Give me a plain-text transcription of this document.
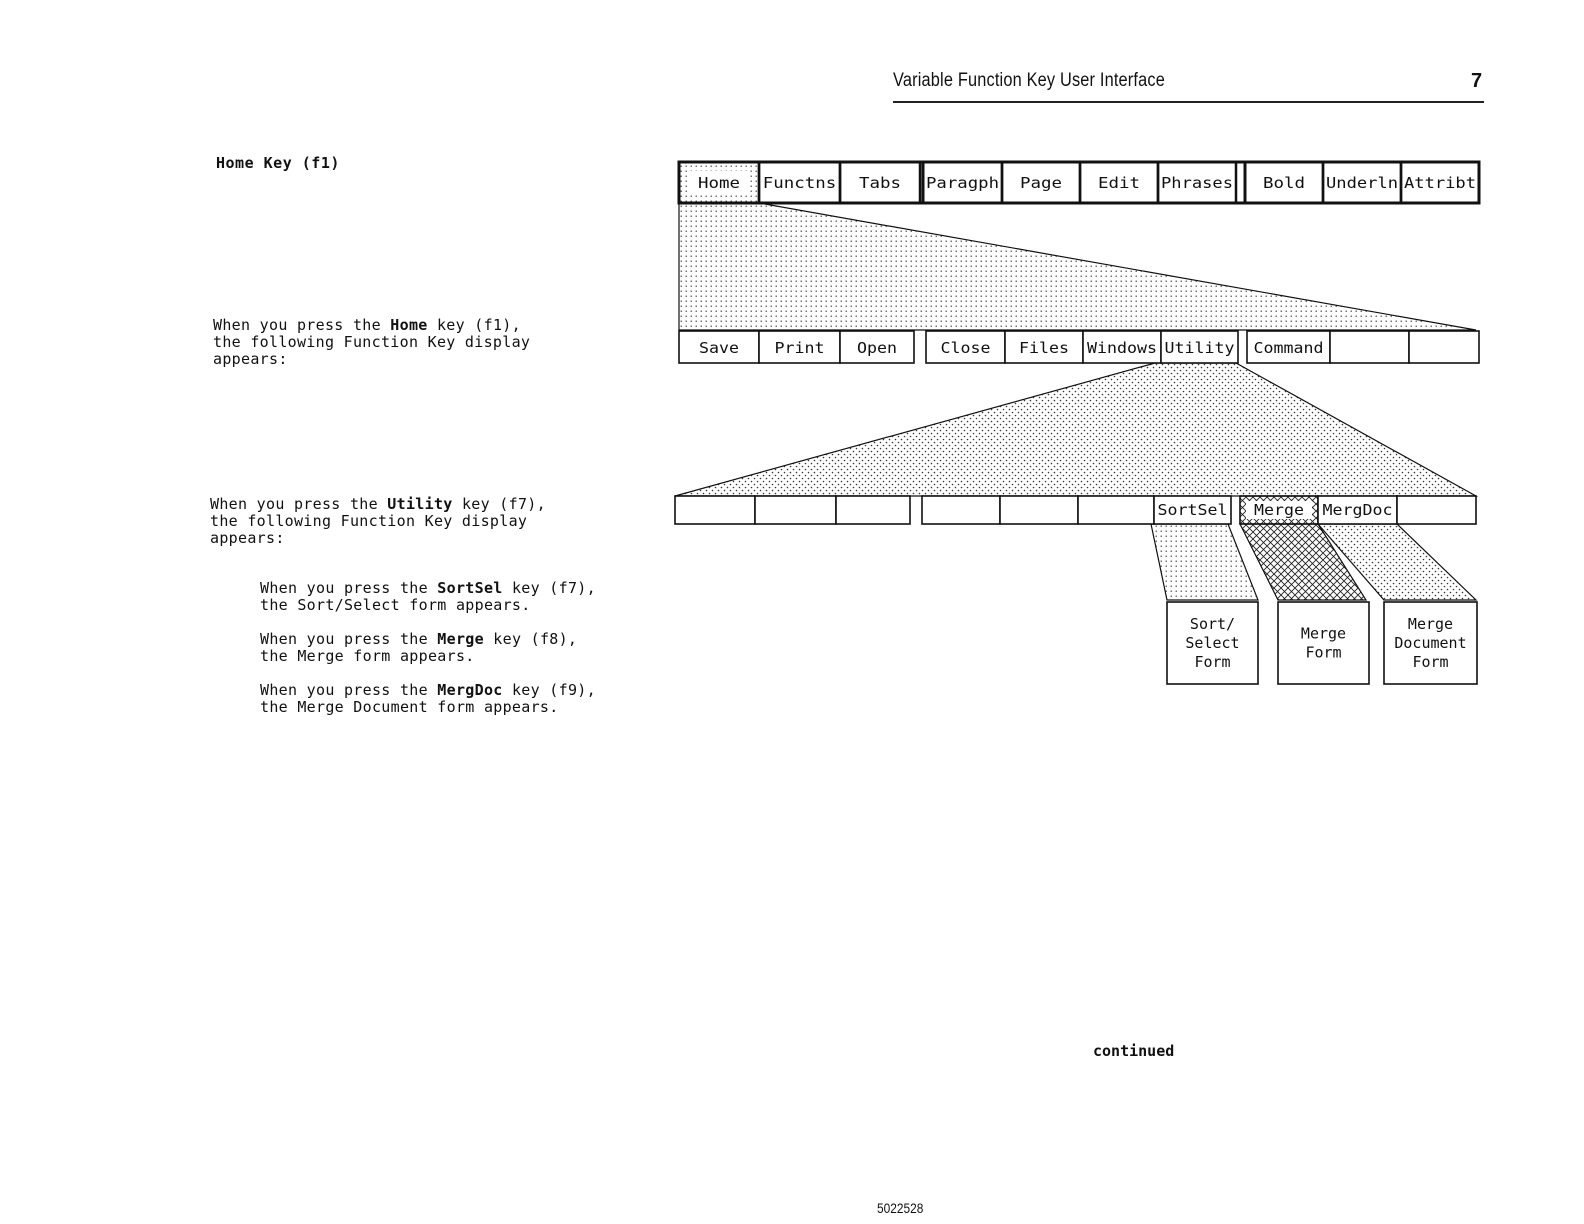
Variable Function Key User Interface	7
Home Key (f1)
When you press the Home key (f1),
the following Function Key display
appears:
When you press the Utility key (f7),
the following Function Key display
appears:
When you press the SortSel key (f7),
the Sort/Select form appears.
When you press the Merge key (f8),
the Merge form appears.
When you press the MergDoc key (f9),
the Merge Document form appears.
Home Functns Tabs Paragph Page Edit Phrases Bold Underln Attribt
Save Print Open	Close Files Windows Utility Command
SortSel Merge MergDoc
Sort/
Select
Form
Merge
Form
Merge
Document
Form
continued
5022528
